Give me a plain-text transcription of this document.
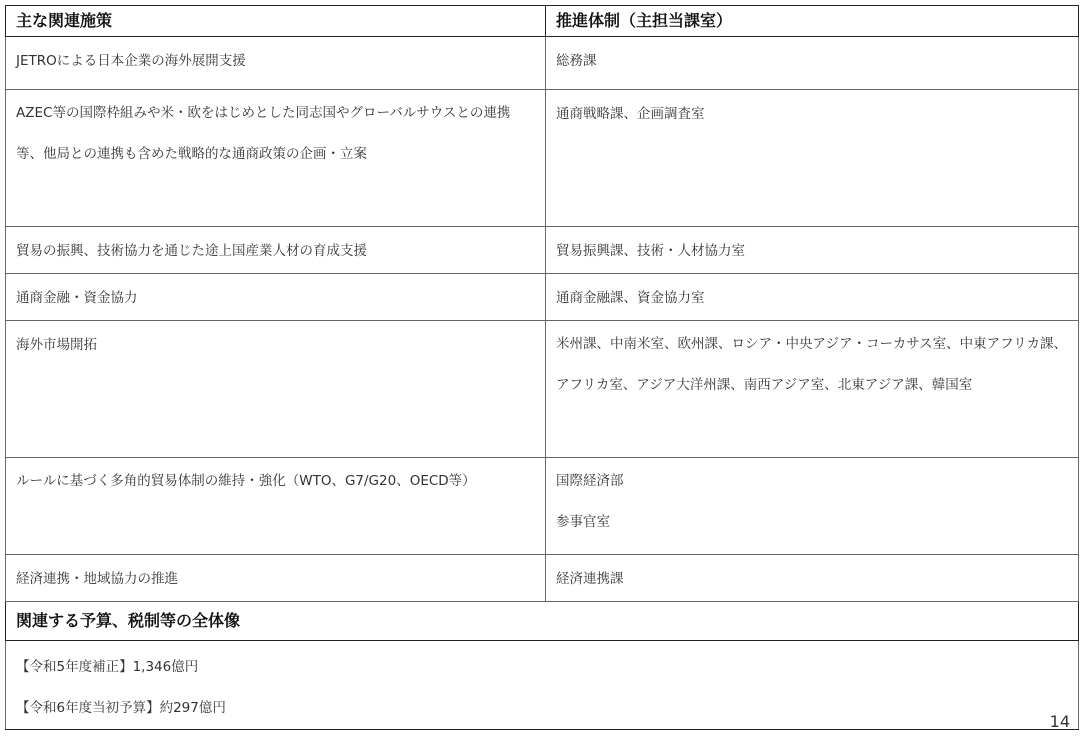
主な関連施策	推進体制（主担当課室）

JETROによる日本企業の海外展開支援	総務課

AZEC等の国際枠組みや米・欧をはじめとした同志国やグローバルサウスとの連携等、他局との連携も含めた戦略的な通商政策の企画・立案	通商戦略課、企画調査室

貿易の振興、技術協力を通じた途上国産業人材の育成支援	貿易振興課、技術・人材協力室

通商金融・資金協力	通商金融課、資金協力室

海外市場開拓	米州課、中南米室、欧州課、ロシア・中央アジア・コーカサス室、中東アフリカ課、アフリカ室、アジア大洋州課、南西アジア室、北東アジア課、韓国室

ルールに基づく多角的貿易体制の維持・強化（WTO、G7/G20、OECD等）	国際経済部
参事官室

経済連携・地域協力の推進	経済連携課

関連する予算、税制等の全体像	

【令和5年度補正】1,346億円
【令和6年度当初予算】約297億円	
14
